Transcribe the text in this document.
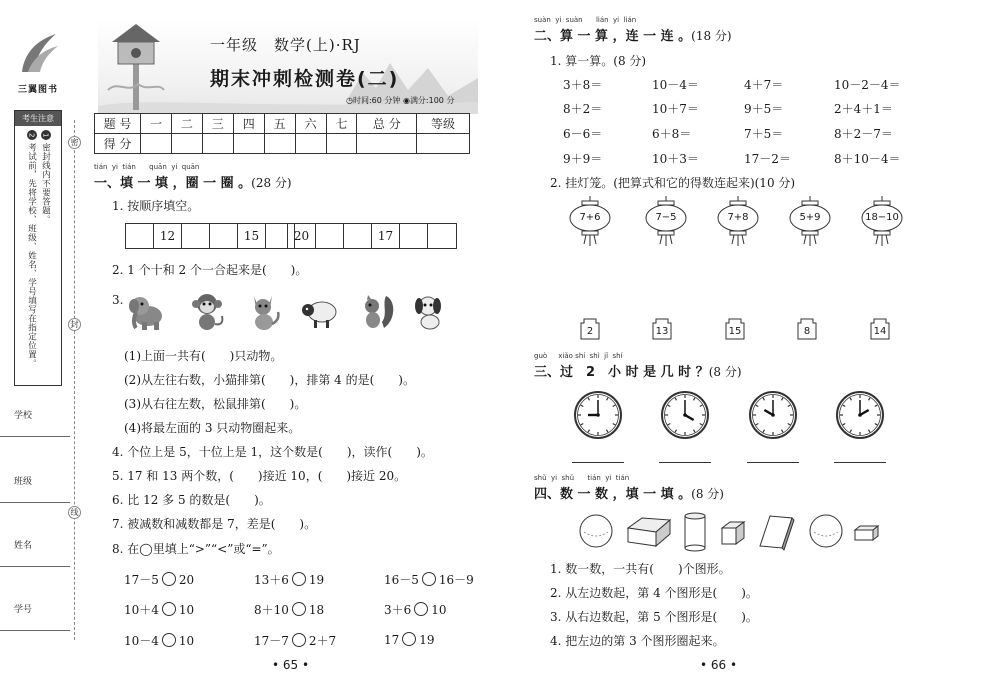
三翼图书
考生注意
1 密封线内不要答题。
2 考试前，先将学校、班级、姓名、学号填写在指定位置。
学校
班级
姓名
学号
密
封
线
一年级　数学(上)·RJ
期末冲刺检测卷(二)
◷时间:60 分钟 ◉满分:100 分
题 号	一	二	三	四	五	六	七	总 分	等级
得 分									
tián  yi  tián      quān  yi  quān
一、填 一 填 ，圈 一 圈 。(28 分)
1. 按顺序填空。
12	15	20	17
2. 1 个十和 2 个一合起来是(　　)。
3.
(1)上面一共有(　　)只动物。
(2)从左往右数，小猫排第(　　)，排第 4 的是(　　)。
(3)从右往左数，松鼠排第(　　)。
(4)将最左面的 3 只动物圈起来。
4. 个位上是 5，十位上是 1，这个数是(　　)，读作(　　)。
5. 17 和 13 两个数，(　　)接近 10，(　　)接近 20。
6. 比 12 多 5 的数是(　　)。
7. 被减数和减数都是 7，差是(　　)。
8. 在◯里填上“>”“<”或“=”。
17－5 20	13＋6 19	16－5 16－9
10＋4 10	8＋10 18	3＋6 10
10－4 10	17－7 2＋7	17 19
• 65 •
suàn  yi  suàn      lián  yi  lián
二、算 一 算 ，连 一 连 。(18 分)
1. 算一算。(8 分)
3＋8＝	10－4＝	4＋7＝	10－2－4＝
8＋2＝	10＋7＝	9＋5＝	2＋4＋1＝
6－6＝	6＋8＝	7＋5＝	8＋2－7＝
9＋9＝	10＋3＝	17－2＝	8＋10－4＝
2. 挂灯笼。(把算式和它的得数连起来)(10 分)
7+6	7−5	7+8	5+9	18−10
2	13	15	8	14
guò     xiǎo shí  shì  jǐ  shí
三、过　2　小 时 是 几 时 ？(8 分)
shǔ  yi  shǔ      tián  yi  tián
四、数 一 数 ，填 一 填 。(8 分)
1. 数一数，一共有(　　)个图形。
2. 从左边数起，第 4 个图形是(　　)。
3. 从右边数起，第 5 个图形是(　　)。
4. 把左边的第 3 个图形圈起来。
• 66 •
